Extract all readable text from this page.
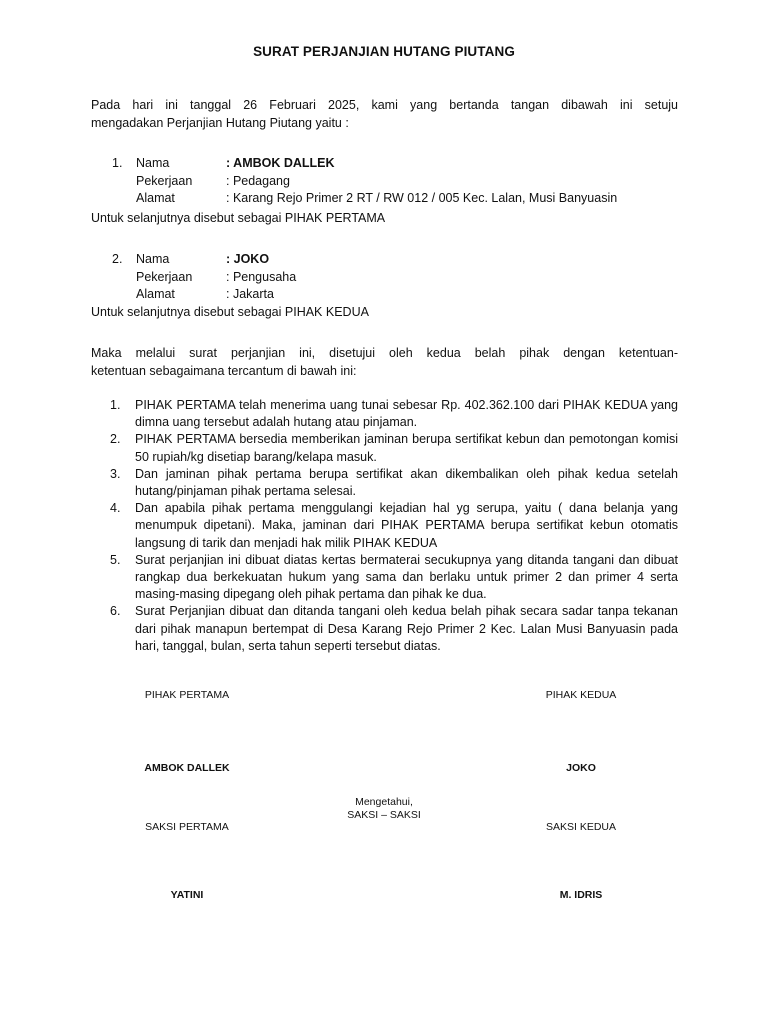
SURAT PERJANJIAN HUTANG PIUTANG

Pada hari ini tanggal 26 Februari 2025, kami yang bertanda tangan dibawah ini setuju
mengadakan Perjanjian Hutang Piutang yaitu :

1. Nama	: AMBOK DALLEK
Pekerjaan	: Pedagang
Alamat	: Karang Rejo Primer 2 RT / RW 012 / 005 Kec. Lalan, Musi Banyuasin
Untuk selanjutnya disebut sebagai PIHAK PERTAMA
2. Nama	: JOKO
Pekerjaan	: Pengusaha
Alamat	: Jakarta
Untuk selanjutnya disebut sebagai PIHAK KEDUA

Maka melalui surat perjanjian ini, disetujui oleh kedua belah pihak dengan ketentuan-
ketentuan sebagaimana tercantum di bawah ini:

1. PIHAK PERTAMA telah menerima uang tunai sebesar Rp. 402.362.100 dari PIHAK KEDUA yang dimna uang tersebut adalah hutang atau pinjaman.
2. PIHAK PERTAMA bersedia memberikan jaminan berupa sertifikat kebun dan pemotongan komisi 50 rupiah/kg disetiap barang/kelapa masuk.
3. Dan jaminan pihak pertama berupa sertifikat akan dikembalikan oleh pihak kedua setelah hutang/pinjaman pihak pertama selesai.
4. Dan apabila pihak pertama menggulangi kejadian hal yg serupa, yaitu ( dana belanja yang menumpuk dipetani). Maka, jaminan dari PIHAK PERTAMA berupa sertifikat kebun otomatis langsung di tarik dan menjadi hak milik PIHAK KEDUA
5. Surat perjanjian ini dibuat diatas kertas bermaterai secukupnya yang ditanda tangani dan dibuat rangkap dua berkekuatan hukum yang sama dan berlaku untuk primer 2 dan primer 4 serta masing-masing dipegang oleh pihak pertama dan pihak ke dua.
6. Surat Perjanjian dibuat dan ditanda tangani oleh kedua belah pihak secara sadar tanpa tekanan dari pihak manapun bertempat di Desa Karang Rejo Primer 2 Kec. Lalan Musi Banyuasin pada hari, tanggal, bulan, serta tahun seperti tersebut diatas.
PIHAK PERTAMA	PIHAK KEDUA
AMBOK DALLEK	JOKO
Mengetahui,
SAKSI – SAKSI
SAKSI PERTAMA	SAKSI KEDUA
YATINI	M. IDRIS
